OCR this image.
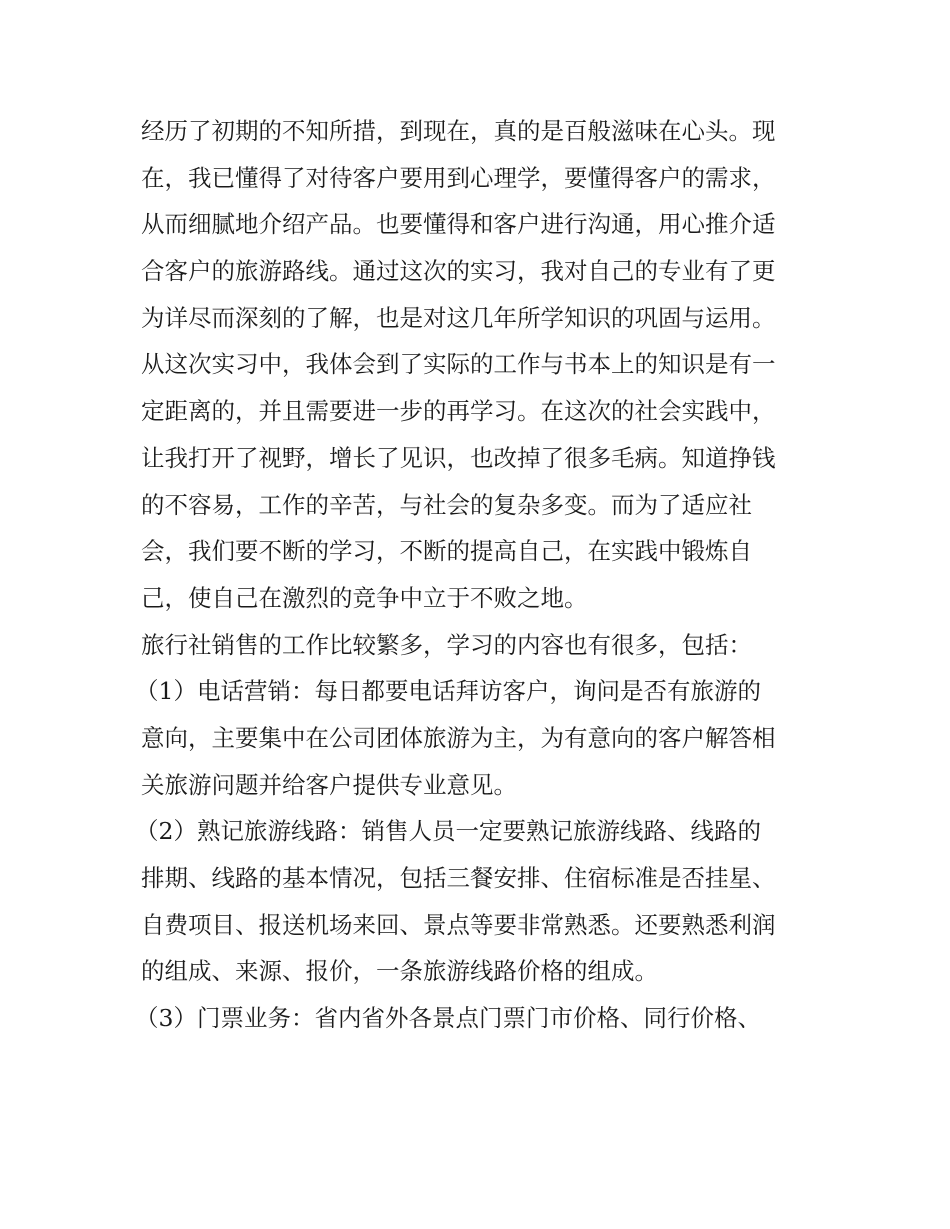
经历了初期的不知所措，到现在，真的是百般滋味在心头。现
在，我已懂得了对待客户要用到心理学，要懂得客户的需求，
从而细腻地介绍产品。也要懂得和客户进行沟通，用心推介适
合客户的旅游路线。通过这次的实习，我对自己的专业有了更
为详尽而深刻的了解，也是对这几年所学知识的巩固与运用。
从这次实习中，我体会到了实际的工作与书本上的知识是有一
定距离的，并且需要进一步的再学习。在这次的社会实践中，
让我打开了视野，增长了见识，也改掉了很多毛病。知道挣钱
的不容易，工作的辛苦，与社会的复杂多变。而为了适应社
会，我们要不断的学习，不断的提高自己，在实践中锻炼自
己，使自己在激烈的竞争中立于不败之地。
旅行社销售的工作比较繁多，学习的内容也有很多，包括：
（1）电话营销：每日都要电话拜访客户，询问是否有旅游的
意向，主要集中在公司团体旅游为主，为有意向的客户解答相
关旅游问题并给客户提供专业意见。
（2）熟记旅游线路：销售人员一定要熟记旅游线路、线路的
排期、线路的基本情况，包括三餐安排、住宿标准是否挂星、
自费项目、报送机场来回、景点等要非常熟悉。还要熟悉利润
的组成、来源、报价，一条旅游线路价格的组成。
（3）门票业务：省内省外各景点门票门市价格、同行价格、
